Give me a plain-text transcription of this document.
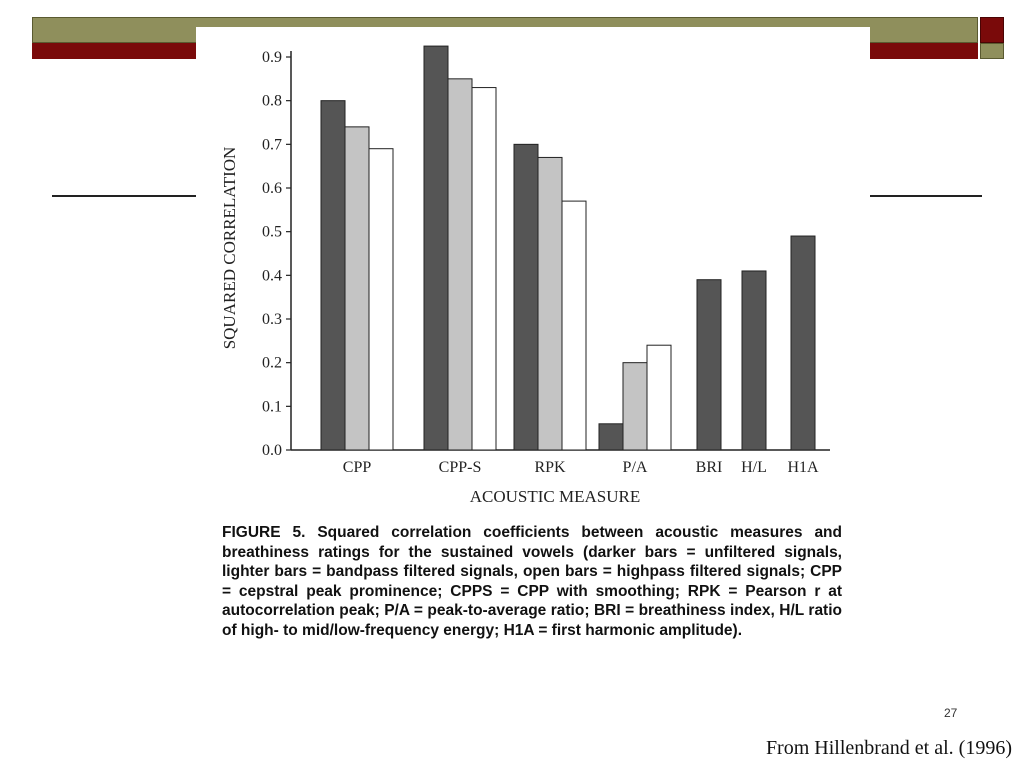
0.0
0.1
0.2
0.3
0.4
0.5
0.6
0.7
0.8
0.9
CPP	CPP-S	RPK	P/A	BRI H/L H1A
SQUARED CORRELATION
ACOUSTIC MEASURE

FIGURE 5. Squared correlation coefficients between acoustic measures and breathiness ratings for the sustained vowels (darker bars = unfiltered signals, lighter bars = bandpass filtered signals, open bars = highpass filtered signals; CPP = cepstral peak prominence; CPPS = CPP with smoothing; RPK = Pearson r at autocorrelation peak; P/A = peak-to-average ratio; BRI = breathiness index, H/L ratio of high- to mid/low-frequency energy; H1A = first harmonic amplitude).

27
From Hillenbrand et al. (1996)
